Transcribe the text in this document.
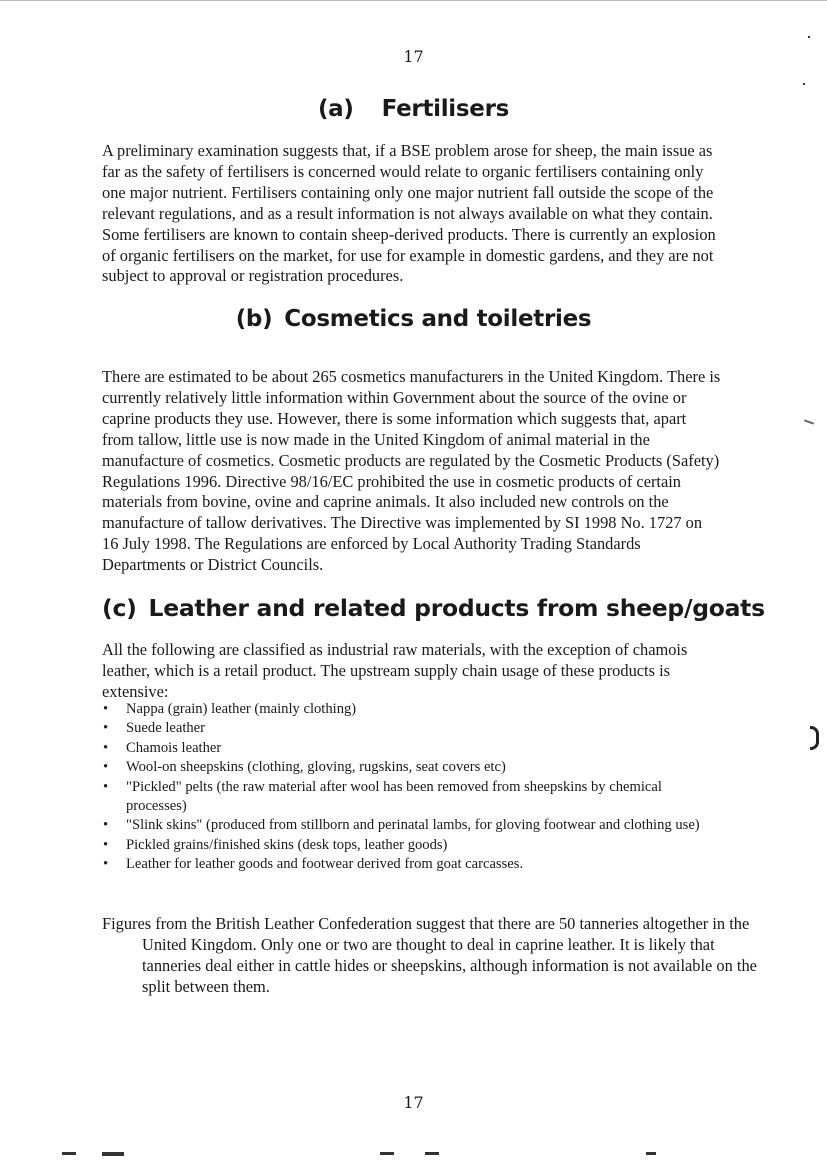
17
(a) Fertilisers

A preliminary examination suggests that, if a BSE problem arose for sheep, the main issue as far as the safety of fertilisers is concerned would relate to organic fertilisers containing only one major nutrient. Fertilisers containing only one major nutrient fall outside the scope of the relevant regulations, and as a result information is not always available on what they contain. Some fertilisers are known to contain sheep-derived products. There is currently an explosion of organic fertilisers on the market, for use for example in domestic gardens, and they are not subject to approval or registration procedures.

(b) Cosmetics and toiletries

There are estimated to be about 265 cosmetics manufacturers in the United Kingdom. There is currently relatively little information within Government about the source of the ovine or caprine products they use. However, there is some information which suggests that, apart from tallow, little use is now made in the United Kingdom of animal material in the manufacture of cosmetics. Cosmetic products are regulated by the Cosmetic Products (Safety) Regulations 1996. Directive 98/16/EC prohibited the use in cosmetic products of certain materials from bovine, ovine and caprine animals. It also included new controls on the manufacture of tallow derivatives. The Directive was implemented by SI 1998 No. 1727 on 16 July 1998. The Regulations are enforced by Local Authority Trading Standards Departments or District Councils.

(c) Leather and related products from sheep/goats

All the following are classified as industrial raw materials, with the exception of chamois leather, which is a retail product. The upstream supply chain usage of these products is extensive:

• Nappa (grain) leather (mainly clothing)
• Suede leather
• Chamois leather
• Wool-on sheepskins (clothing, gloving, rugskins, seat covers etc)
• "Pickled" pelts (the raw material after wool has been removed from sheepskins by chemical processes)
• "Slink skins" (produced from stillborn and perinatal lambs, for gloving footwear and clothing use)
• Pickled grains/finished skins (desk tops, leather goods)
• Leather for leather goods and footwear derived from goat carcasses.

Figures from the British Leather Confederation suggest that there are 50 tanneries altogether in the United Kingdom. Only one or two are thought to deal in caprine leather. It is likely that tanneries deal either in cattle hides or sheepskins, although information is not available on the split between them.

17
